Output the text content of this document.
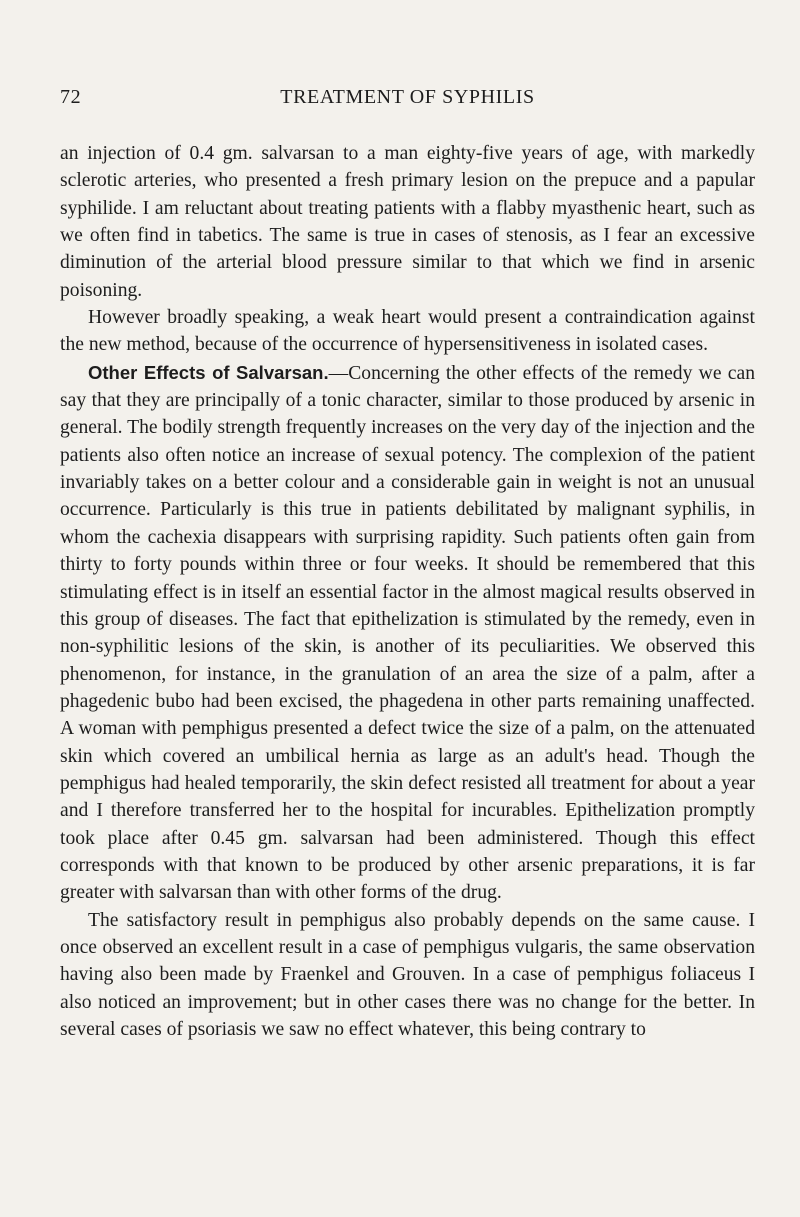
72	TREATMENT OF SYPHILIS

an injection of 0.4 gm. salvarsan to a man eighty-five years of age, with markedly sclerotic arteries, who presented a fresh primary lesion on the prepuce and a papular syphilide. I am reluctant about treating patients with a flabby myasthenic heart, such as we often find in tabetics. The same is true in cases of stenosis, as I fear an excessive diminution of the arterial blood pressure similar to that which we find in arsenic poisoning.

However broadly speaking, a weak heart would present a contraindication against the new method, because of the occurrence of hypersensitiveness in isolated cases.

Other Effects of Salvarsan.—Concerning the other effects of the remedy we can say that they are principally of a tonic character, similar to those produced by arsenic in general. The bodily strength frequently increases on the very day of the injection and the patients also often notice an increase of sexual potency. The complexion of the patient invariably takes on a better colour and a considerable gain in weight is not an unusual occurrence. Particularly is this true in patients debilitated by malignant syphilis, in whom the cachexia disappears with surprising rapidity. Such patients often gain from thirty to forty pounds within three or four weeks. It should be remembered that this stimulating effect is in itself an essential factor in the almost magical results observed in this group of diseases. The fact that epithelization is stimulated by the remedy, even in non-syphilitic lesions of the skin, is another of its peculiarities. We observed this phenomenon, for instance, in the granulation of an area the size of a palm, after a phagedenic bubo had been excised, the phagedena in other parts remaining unaffected. A woman with pemphigus presented a defect twice the size of a palm, on the attenuated skin which covered an umbilical hernia as large as an adult's head. Though the pemphigus had healed temporarily, the skin defect resisted all treatment for about a year and I therefore transferred her to the hospital for incurables. Epithelization promptly took place after 0.45 gm. salvarsan had been administered. Though this effect corresponds with that known to be produced by other arsenic preparations, it is far greater with salvarsan than with other forms of the drug.

The satisfactory result in pemphigus also probably depends on the same cause. I once observed an excellent result in a case of pemphigus vulgaris, the same observation having also been made by Fraenkel and Grouven. In a case of pemphigus foliaceus I also noticed an improvement; but in other cases there was no change for the better. In several cases of psoriasis we saw no effect whatever, this being contrary to
